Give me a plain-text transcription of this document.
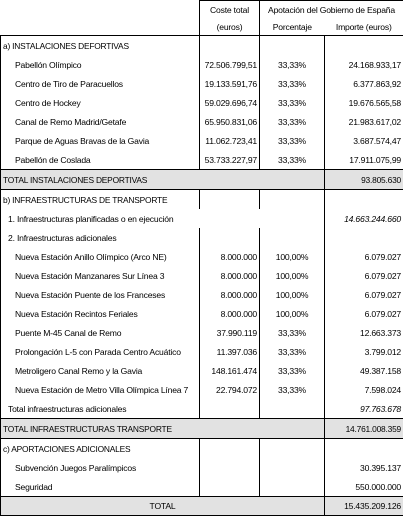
	Coste total	Apotación del Gobierno de España	
	(euros)	Porcentaje	Importe (euros)
a) INSTALACIONES DEFORTIVAS			
Pabellón Olímpico	72.506.799,51	33,33%	24.168.933,17
Centro de Tiro de Paracuellos	19.133.591,76	33,33%	6.377.863,92
Centro de Hockey	59.029.696,74	33,33%	19.676.565,58
Canal de Remo Madrid/Getafe	65.950.831,06	33,33%	21.983.617,02
Parque de Aguas Bravas de la Gavia	11.062.723,41	33,33%	3.687.574,47
Pabellón de Coslada	53.733.227,97	33,33%	17.911.075,99
TOTAL INSTALACIONES DEPORTIVAS			93.805.630
b) INFRAESTRUCTURAS DE TRANSPORTE			
1. Infraestructuras planificadas o en ejecución			14.663.244.660
2. Infraestructuras adicionales			
Nueva Estación Anillo Olímpico (Arco NE)	8.000.000	100,00%	6.079.027
Nueva Estación Manzanares Sur Línea 3	8.000.000	100,00%	6.079.027
Nueva Estación Puente de los Franceses	8.000.000	100,00%	6.079.027
Nueva Estación Recintos Feriales	8.000.000	100,00%	6.079.027
Puente M-45 Canal de Remo	37.990.119	33,33%	12.663.373
Prolongación L-5 con Parada Centro Acuático	11.397.036	33,33%	3.799.012
Metroligero Canal Remo y la Gavia	148.161.474	33,33%	49.387.158
Nueva Estación de Metro Villa Olímpica Línea 7	22.794.072	33,33%	7.598.024
Total infraestructuras adicionales			97.763.678
TOTAL INFRAESTRUCTURAS TRANSPORTE			14.761.008.359
c) APORTACIONES ADICIONALES			
Subvención Juegos Paralímpicos			30.395.137
Seguridad			550.000.000
TOTAL			15.435.209.126
